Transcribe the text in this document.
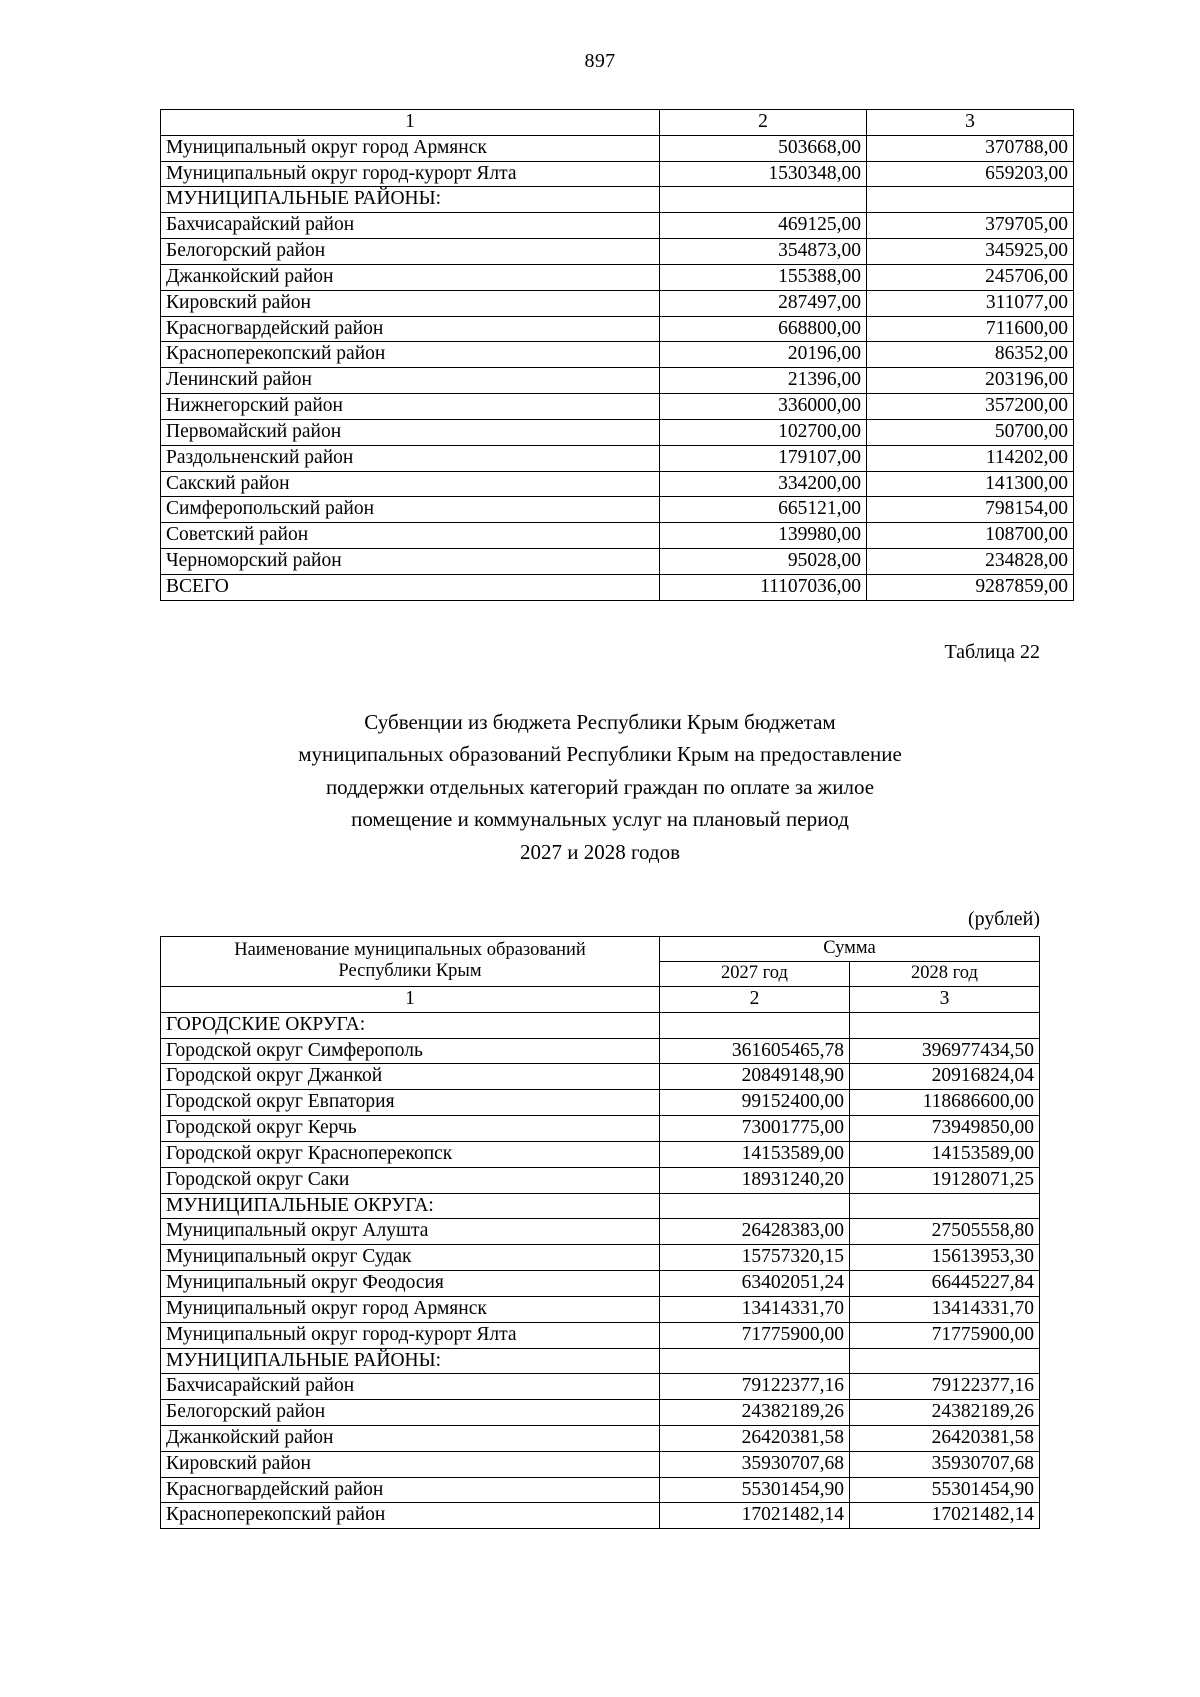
897
1	2	3
Муниципальный округ город Армянск	503668,00	370788,00
Муниципальный округ город-курорт Ялта	1530348,00	659203,00
МУНИЦИПАЛЬНЫЕ РАЙОНЫ:		
Бахчисарайский район	469125,00	379705,00
Белогорский район	354873,00	345925,00
Джанкойский район	155388,00	245706,00
Кировский район	287497,00	311077,00
Красногвардейский район	668800,00	711600,00
Красноперекопский район	20196,00	86352,00
Ленинский район	21396,00	203196,00
Нижнегорский район	336000,00	357200,00
Первомайский район	102700,00	50700,00
Раздольненский район	179107,00	114202,00
Сакский район	334200,00	141300,00
Симферопольский район	665121,00	798154,00
Советский район	139980,00	108700,00
Черноморский район	95028,00	234828,00
ВСЕГО	11107036,00	9287859,00
Таблица 22
Субвенции из бюджета Республики Крым бюджетам
муниципальных образований Республики Крым на предоставление
поддержки отдельных категорий граждан по оплате за жилое
помещение и коммунальных услуг на плановый период
2027 и 2028 годов
(рублей)
Наименование муниципальных образований
Республики Крым	Сумма	
	2027 год	2028 год
1	2	3
ГОРОДСКИЕ ОКРУГА:		
Городской округ Симферополь	361605465,78	396977434,50
Городской округ Джанкой	20849148,90	20916824,04
Городской округ Евпатория	99152400,00	118686600,00
Городской округ Керчь	73001775,00	73949850,00
Городской округ Красноперекопск	14153589,00	14153589,00
Городской округ Саки	18931240,20	19128071,25
МУНИЦИПАЛЬНЫЕ ОКРУГА:		
Муниципальный округ Алушта	26428383,00	27505558,80
Муниципальный округ Судак	15757320,15	15613953,30
Муниципальный округ Феодосия	63402051,24	66445227,84
Муниципальный округ город Армянск	13414331,70	13414331,70
Муниципальный округ город-курорт Ялта	71775900,00	71775900,00
МУНИЦИПАЛЬНЫЕ РАЙОНЫ:		
Бахчисарайский район	79122377,16	79122377,16
Белогорский район	24382189,26	24382189,26
Джанкойский район	26420381,58	26420381,58
Кировский район	35930707,68	35930707,68
Красногвардейский район	55301454,90	55301454,90
Красноперекопский район	17021482,14	17021482,14
